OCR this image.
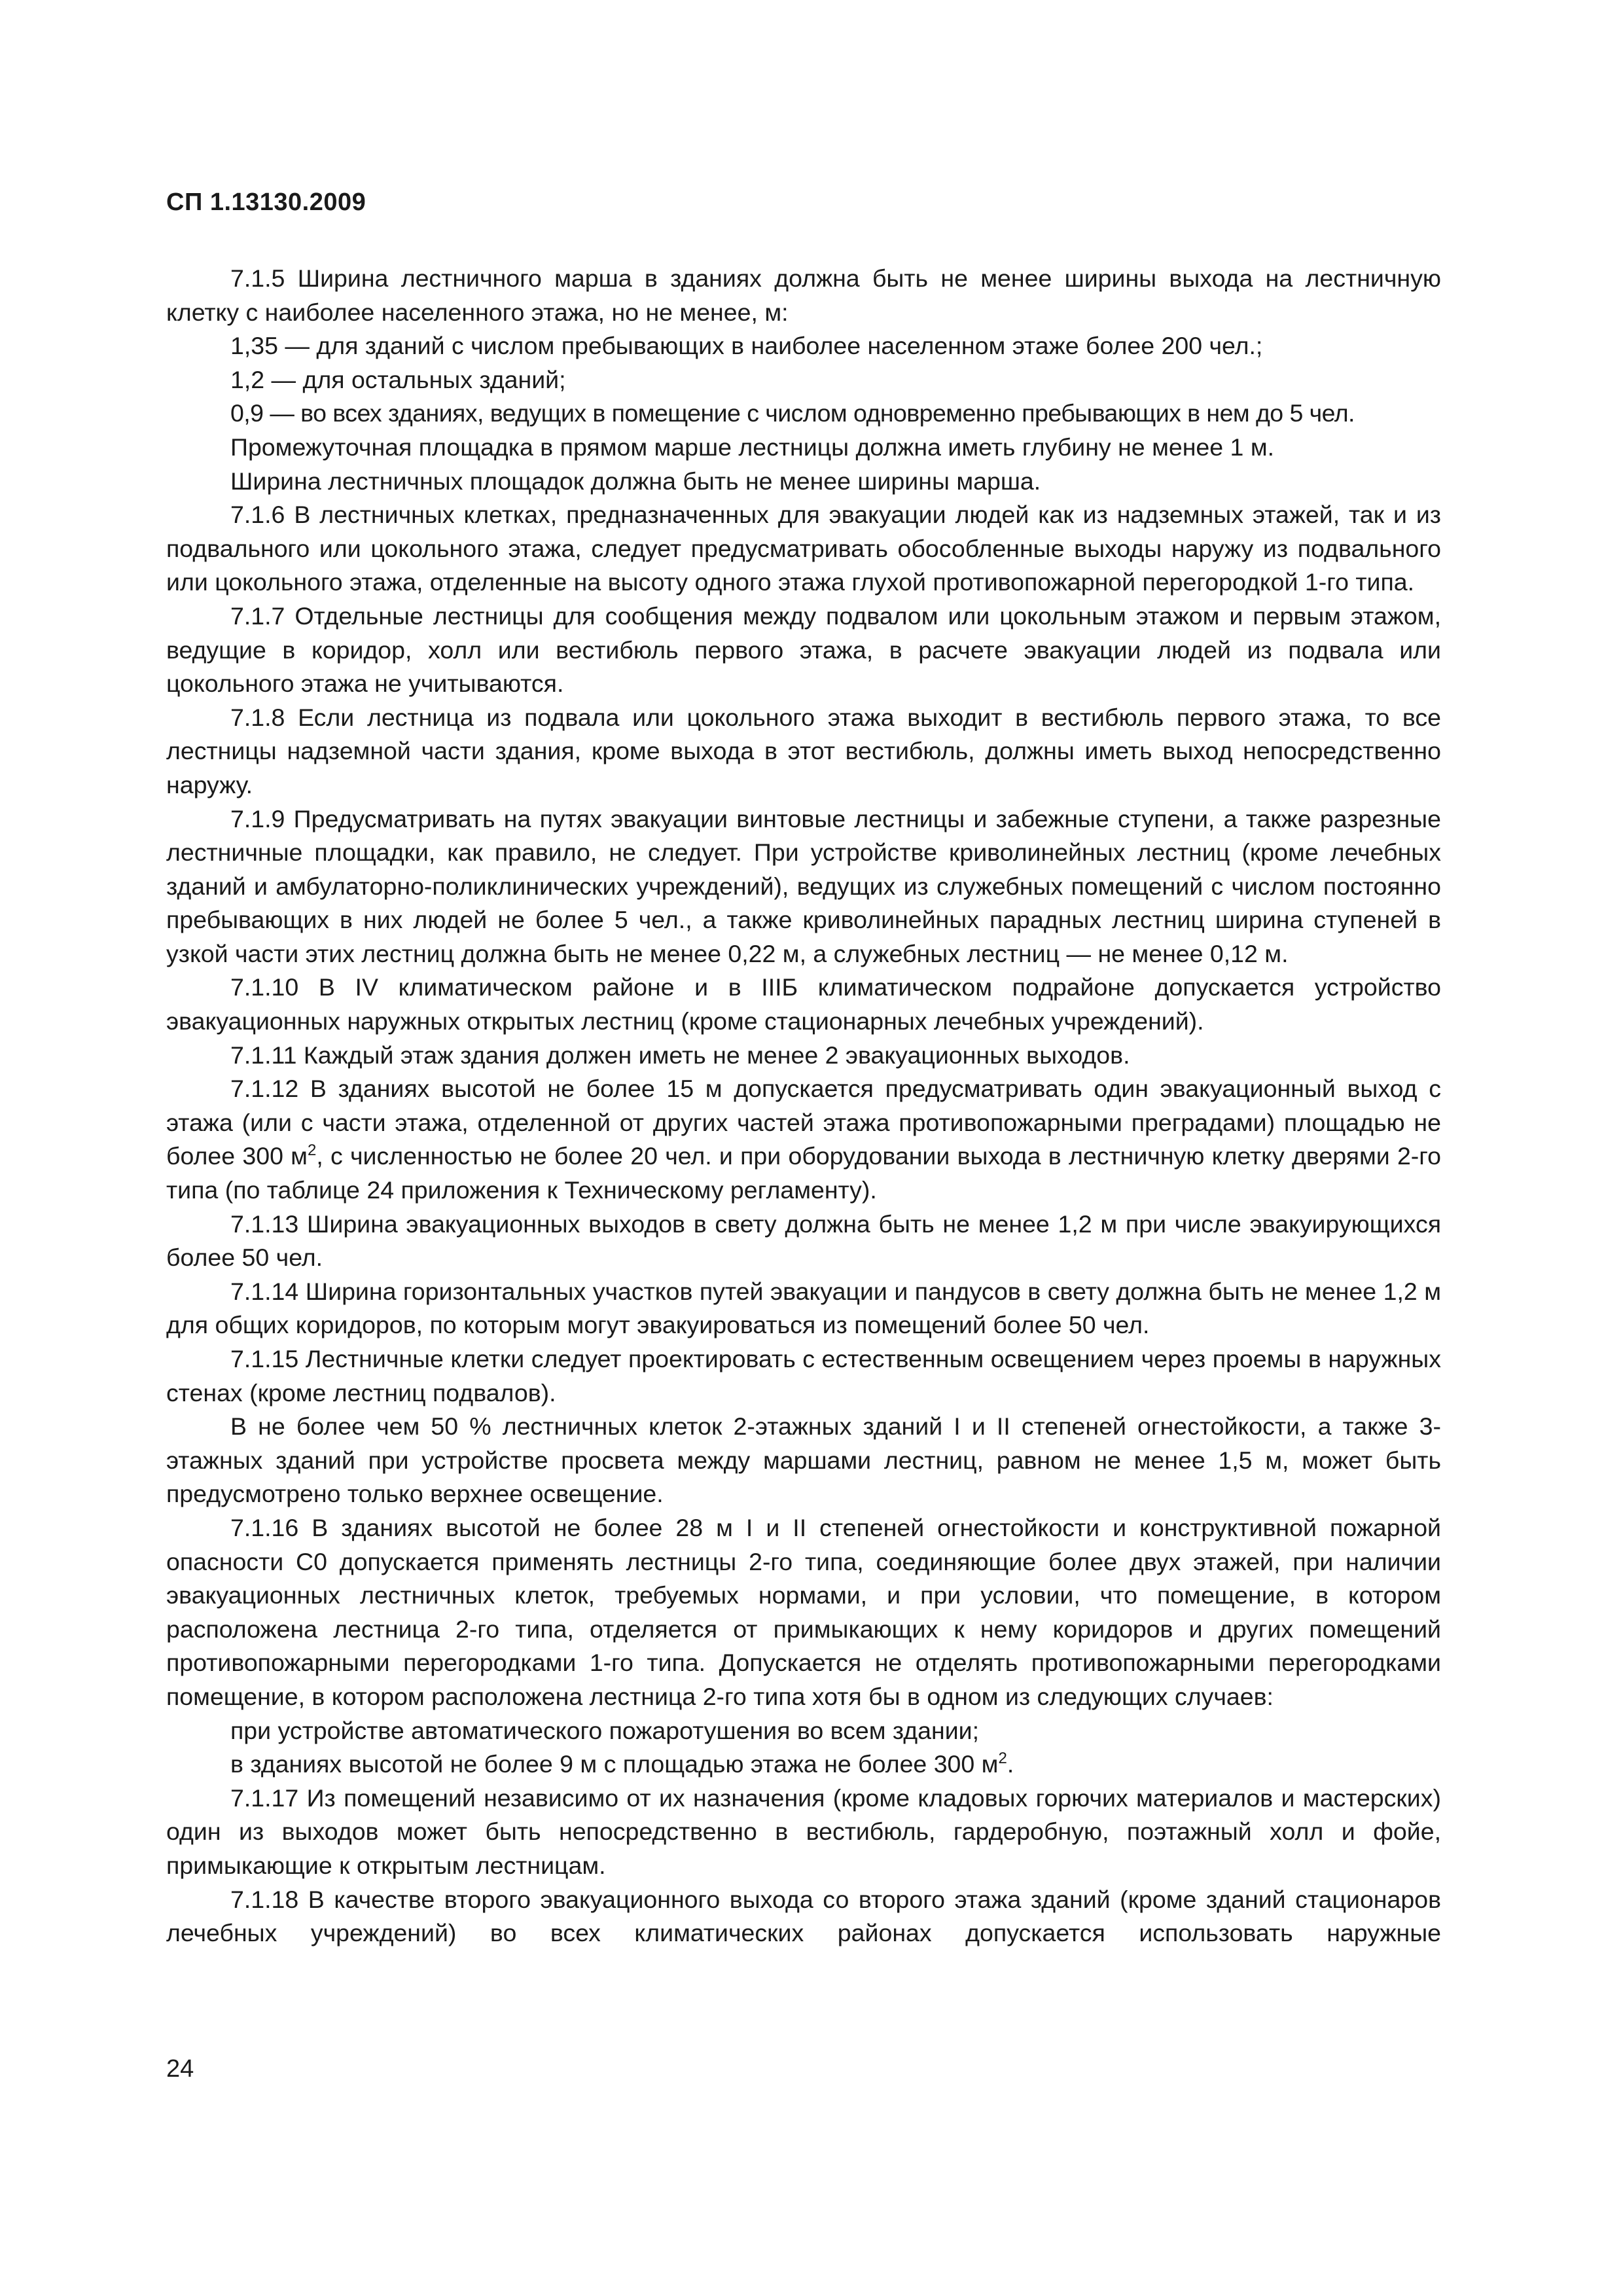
СП 1.13130.2009

7.1.5 Ширина лестничного марша в зданиях должна быть не менее ширины выхода на лестничную клетку с наиболее населенного этажа, но не менее, м:

1,35 — для зданий с числом пребывающих в наиболее населенном этаже более 200 чел.;

1,2 — для остальных зданий;

0,9 — во всех зданиях, ведущих в помещение с числом одновременно пребывающих в нем до 5 чел.

Промежуточная площадка в прямом марше лестницы должна иметь глубину не менее 1 м.

Ширина лестничных площадок должна быть не менее ширины марша.

7.1.6 В лестничных клетках, предназначенных для эвакуации людей как из надземных этажей, так и из подвального или цокольного этажа, следует предусматривать обособленные выходы наружу из подвального или цокольного этажа, отделенные на высоту одного этажа глухой противопожарной перегородкой 1-го типа.

7.1.7 Отдельные лестницы для сообщения между подвалом или цокольным этажом и первым этажом, ведущие в коридор, холл или вестибюль первого этажа, в расчете эвакуации людей из подвала или цокольного этажа не учитываются.

7.1.8 Если лестница из подвала или цокольного этажа выходит в вестибюль первого этажа, то все лестницы надземной части здания, кроме выхода в этот вестибюль, должны иметь выход непосредственно наружу.

7.1.9 Предусматривать на путях эвакуации винтовые лестницы и забежные ступени, а также разрезные лестничные площадки, как правило, не следует. При устройстве криволинейных лестниц (кроме лечебных зданий и амбулаторно-поликлинических учреждений), ведущих из служебных помещений с числом постоянно пребывающих в них людей не более 5 чел., а также криволинейных парадных лестниц ширина ступеней в узкой части этих лестниц должна быть не менее 0,22 м, а служебных лестниц — не менее 0,12 м.

7.1.10 В IV климатическом районе и в IIIБ климатическом подрайоне допускается устройство эвакуационных наружных открытых лестниц (кроме стационарных лечебных учреждений).

7.1.11 Каждый этаж здания должен иметь не менее 2 эвакуационных выходов.

7.1.12 В зданиях высотой не более 15 м допускается предусматривать один эвакуационный выход с этажа (или с части этажа, отделенной от других частей этажа противопожарными преградами) площадью не более 300 $м^2$, с численностью не более 20 чел. и при оборудовании выхода в лестничную клетку дверями 2-го типа (по таблице 24 приложения к Техническому регламенту).

7.1.13 Ширина эвакуационных выходов в свету должна быть не менее 1,2 м при числе эвакуирующихся более 50 чел.

7.1.14 Ширина горизонтальных участков путей эвакуации и пандусов в свету должна быть не менее 1,2 м для общих коридоров, по которым могут эвакуироваться из помещений более 50 чел.

7.1.15 Лестничные клетки следует проектировать с естественным освещением через проемы в наружных стенах (кроме лестниц подвалов).

В не более чем 50 % лестничных клеток 2-этажных зданий I и II степеней огнестойкости, а также 3-этажных зданий при устройстве просвета между маршами лестниц, равном не менее 1,5 м, может быть предусмотрено только верхнее освещение.

7.1.16 В зданиях высотой не более 28 м I и II степеней огнестойкости и конструктивной пожарной опасности С0 допускается применять лестницы 2-го типа, соединяющие более двух этажей, при наличии эвакуационных лестничных клеток, требуемых нормами, и при условии, что помещение, в котором расположена лестница 2-го типа, отделяется от примыкающих к нему коридоров и других помещений противопожарными перегородками 1-го типа. Допускается не отделять противопожарными перегородками помещение, в котором расположена лестница 2-го типа хотя бы в одном из следующих случаев:

при устройстве автоматического пожаротушения во всем здании;

в зданиях высотой не более 9 м с площадью этажа не более 300 $м^2$.

7.1.17 Из помещений независимо от их назначения (кроме кладовых горючих материалов и мастерских) один из выходов может быть непосредственно в вестибюль, гардеробную, поэтажный холл и фойе, примыкающие к открытым лестницам.

7.1.18 В качестве второго эвакуационного выхода со второго этажа зданий (кроме зданий стационаров лечебных учреждений) во всех климатических районах допускается использовать наружные

24
